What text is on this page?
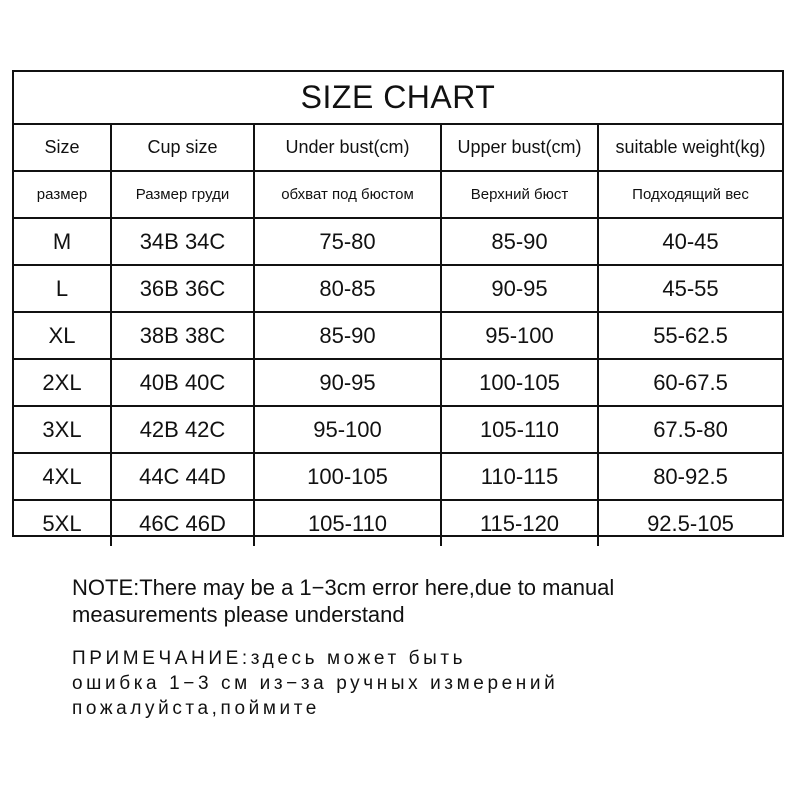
SIZE CHART
Size	Cup size	Under bust(cm)	Upper bust(cm)	suitable weight(kg)
размер	Размер груди	обхват под бюстом	Верхний бюст	Подходящий вес
M	34B 34C	75-80	85-90	40-45
L	36B 36C	80-85	90-95	45-55
XL	38B 38C	85-90	95-100	55-62.5
2XL	40B 40C	90-95	100-105	60-67.5
3XL	42B 42C	95-100	105-110	67.5-80
4XL	44C 44D	100-105	110-115	80-92.5
5XL	46C 46D	105-110	115-120	92.5-105
NOTE:There may be a 1−3cm error here,due to manual
measurements please understand
ПРИМЕЧАНИЕ:здесь может быть
ошибка 1−3 см из−за ручных измерений
пожалуйста,поймите
